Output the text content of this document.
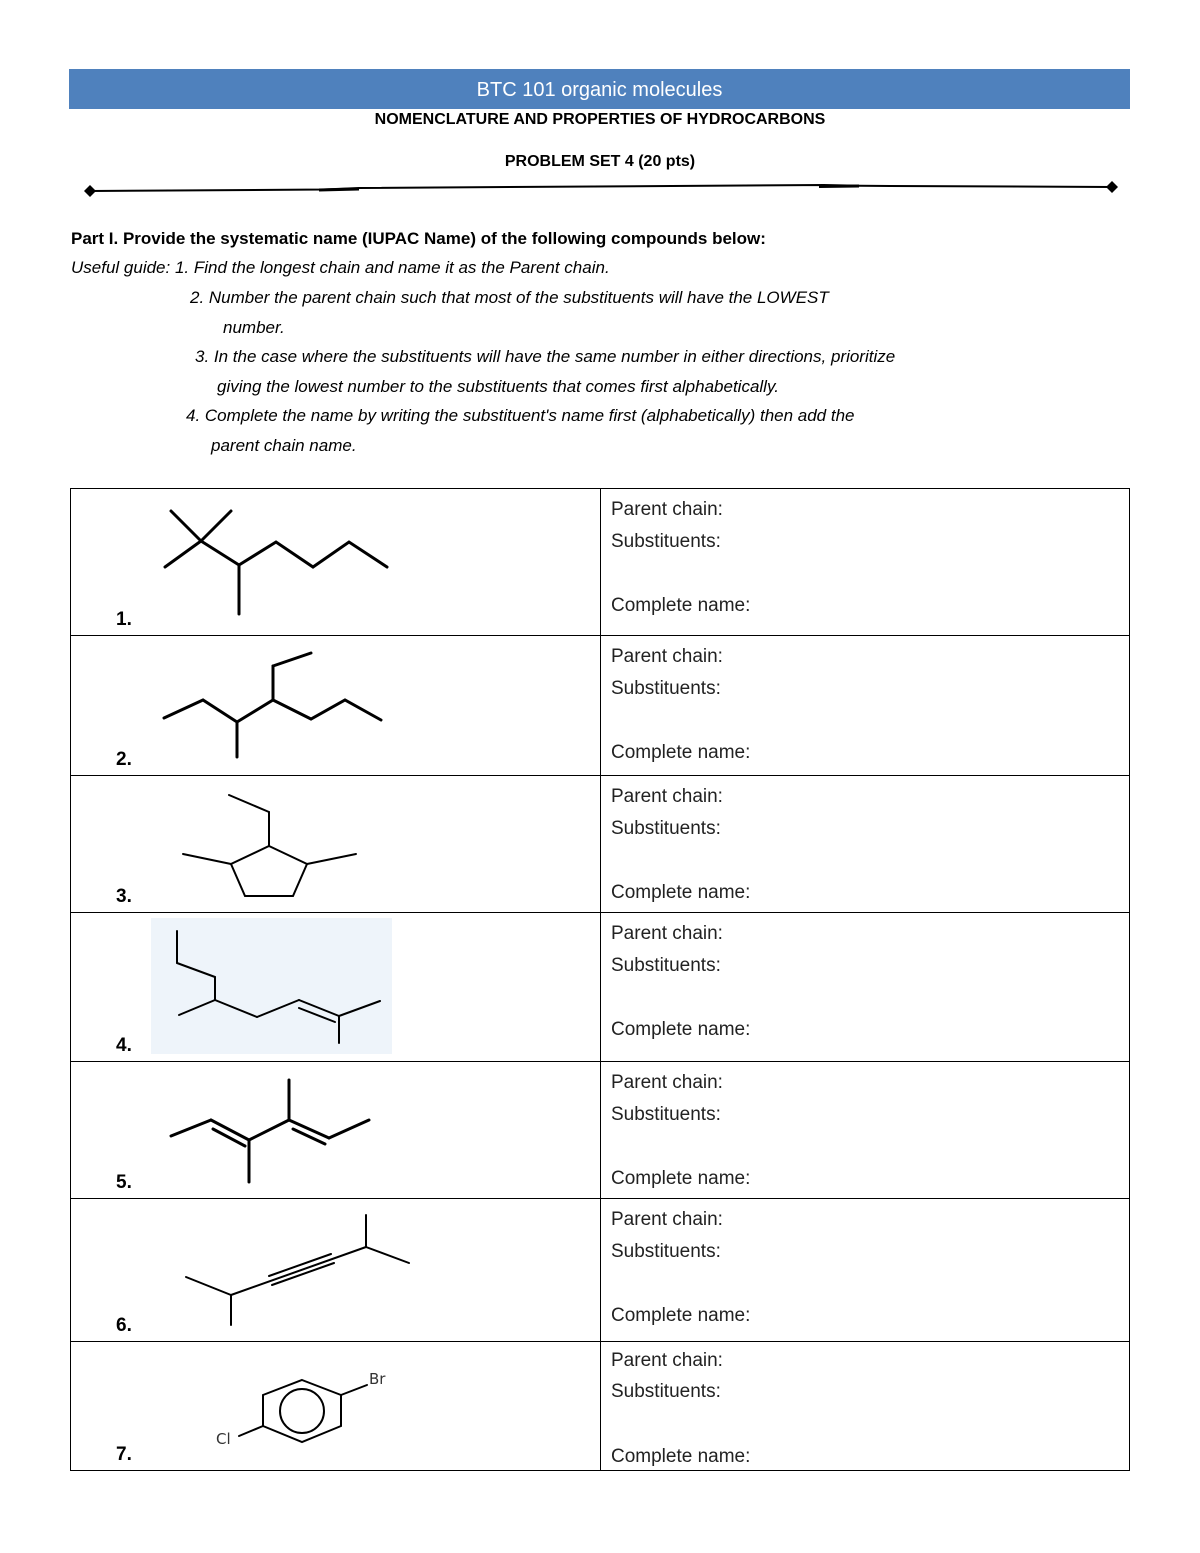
BTC 101 organic molecules
NOMENCLATURE AND PROPERTIES OF HYDROCARBONS
PROBLEM SET 4 (20 pts)
Part I. Provide the systematic name (IUPAC Name) of the following compounds below:
Useful guide: 1. Find the longest chain and name it as the Parent chain.
2. Number the parent chain such that most of the substituents will have the LOWEST
number.
3. In the case where the substituents will have the same number in either directions, prioritize
giving the lowest number to the substituents that comes first alphabetically.
4. Complete the name by writing the substituent's name first (alphabetically) then add the
parent chain name.
1.	Parent chain:
Substituents:
Complete name:

2.	Parent chain:
Substituents:
Complete name:

3.	Parent chain:
Substituents:
Complete name:

4.	Parent chain:
Substituents:
Complete name:

5.	Parent chain:
Substituents:
Complete name:

6.	Parent chain:
Substituents:
Complete name:

Br
Cl
7.	Parent chain:
Substituents:
Complete name:
